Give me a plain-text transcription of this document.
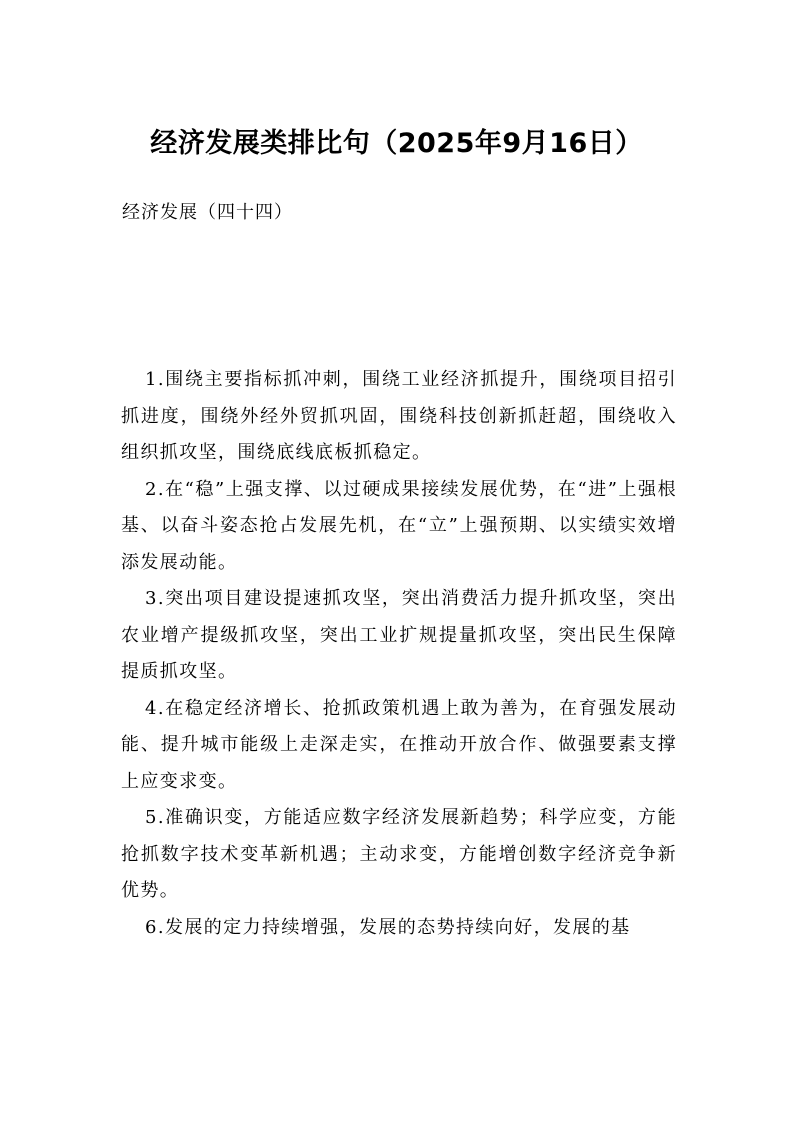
经济发展类排比句（2025年9月16日）
经济发展（四十四）

1.围绕主要指标抓冲刺，围绕工业经济抓提升，围绕项目招引抓进度，围绕外经外贸抓巩固，围绕科技创新抓赶超，围绕收入组织抓攻坚，围绕底线底板抓稳定。

2.在“稳”上强支撑、以过硬成果接续发展优势，在“进”上强根基、以奋斗姿态抢占发展先机，在“立”上强预期、以实绩实效增添发展动能。

3.突出项目建设提速抓攻坚，突出消费活力提升抓攻坚，突出农业增产提级抓攻坚，突出工业扩规提量抓攻坚，突出民生保障提质抓攻坚。

4.在稳定经济增长、抢抓政策机遇上敢为善为，在育强发展动能、提升城市能级上走深走实，在推动开放合作、做强要素支撑上应变求变。

5.准确识变，方能适应数字经济发展新趋势；科学应变，方能抢抓数字技术变革新机遇；主动求变，方能增创数字经济竞争新优势。

6.发展的定力持续增强，发展的态势持续向好，发展的基
